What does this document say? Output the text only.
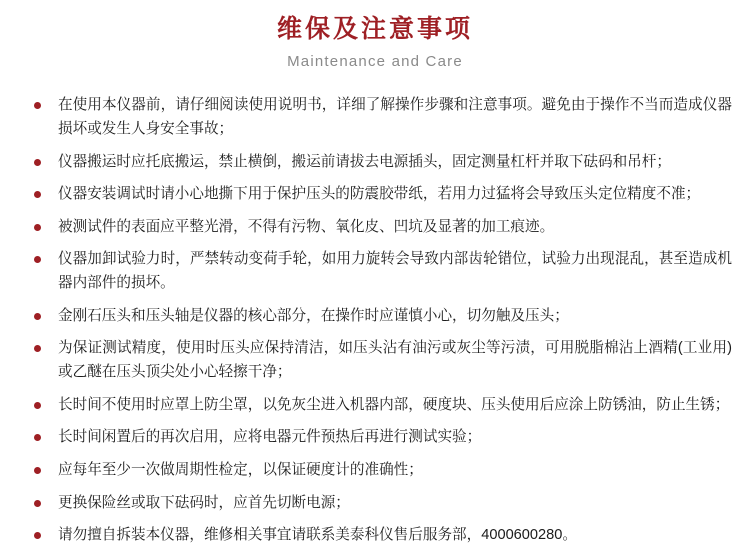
维保及注意事项
Maintenance and Care
在使用本仪器前，请仔细阅读使用说明书，详细了解操作步骤和注意事项。避免由于操作不当而造成仪器损坏或发生人身安全事故；
仪器搬运时应托底搬运，禁止横倒，搬运前请拔去电源插头，固定测量杠杆并取下砝码和吊杆；
仪器安装调试时请小心地撕下用于保护压头的防震胶带纸，若用力过猛将会导致压头定位精度不准；
被测试件的表面应平整光滑，不得有污物、氧化皮、凹坑及显著的加工痕迹。
仪器加卸试验力时，严禁转动变荷手轮，如用力旋转会导致内部齿轮错位，试验力出现混乱，甚至造成机器内部件的损坏。
金刚石压头和压头轴是仪器的核心部分，在操作时应谨慎小心，切勿触及压头；
为保证测试精度，使用时压头应保持清洁，如压头沾有油污或灰尘等污渍，可用脱脂棉沾上酒精(工业用)或乙醚在压头顶尖处小心轻擦干净；
长时间不使用时应罩上防尘罩，以免灰尘进入机器内部，硬度块、压头使用后应涂上防锈油，防止生锈；
长时间闲置后的再次启用，应将电器元件预热后再进行测试实验；
应每年至少一次做周期性检定，以保证硬度计的准确性；
更换保险丝或取下砝码时，应首先切断电源；
请勿擅自拆装本仪器，维修相关事宜请联系美泰科仪售后服务部，4000600280。
